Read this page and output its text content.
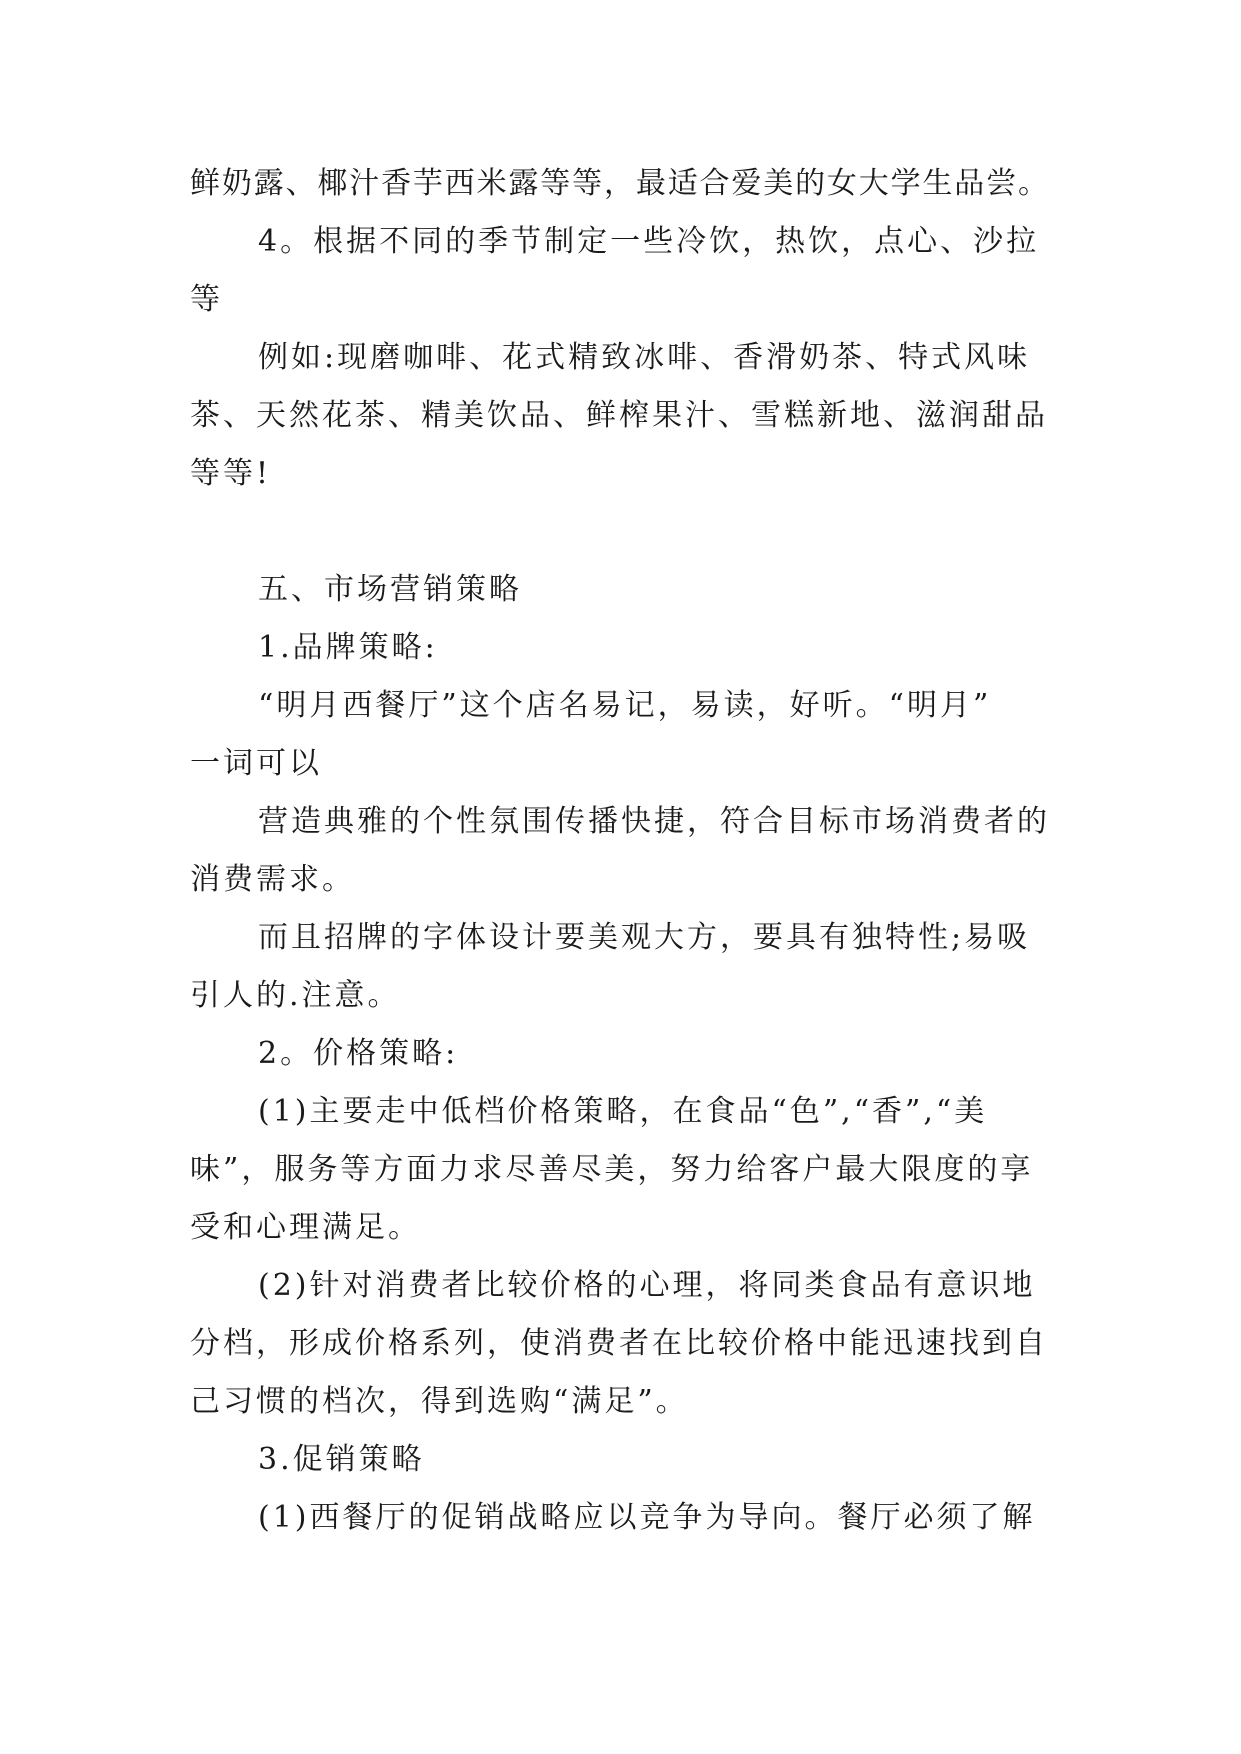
鲜奶露、椰汁香芋西米露等等，最适合爱美的女大学生品尝。

4。根据不同的季节制定一些冷饮，热饮，点心、沙拉

等

例如:现磨咖啡、花式精致冰啡、香滑奶茶、特式风味

茶、天然花茶、精美饮品、鲜榨果汁、雪糕新地、滋润甜品

等等!

五、市场营销策略

1.品牌策略:

“明月西餐厅”这个店名易记，易读，好听。“明月”

一词可以

营造典雅的个性氛围传播快捷，符合目标市场消费者的

消费需求。

而且招牌的字体设计要美观大方，要具有独特性;易吸

引人的.注意。

2。价格策略:

(1)主要走中低档价格策略，在食品“色”,“香”,“美

味”，服务等方面力求尽善尽美，努力给客户最大限度的享

受和心理满足。

(2)针对消费者比较价格的心理，将同类食品有意识地

分档，形成价格系列，使消费者在比较价格中能迅速找到自

己习惯的档次，得到选购“满足”。

3.促销策略

(1)西餐厅的促销战略应以竞争为导向。餐厅必须了解
